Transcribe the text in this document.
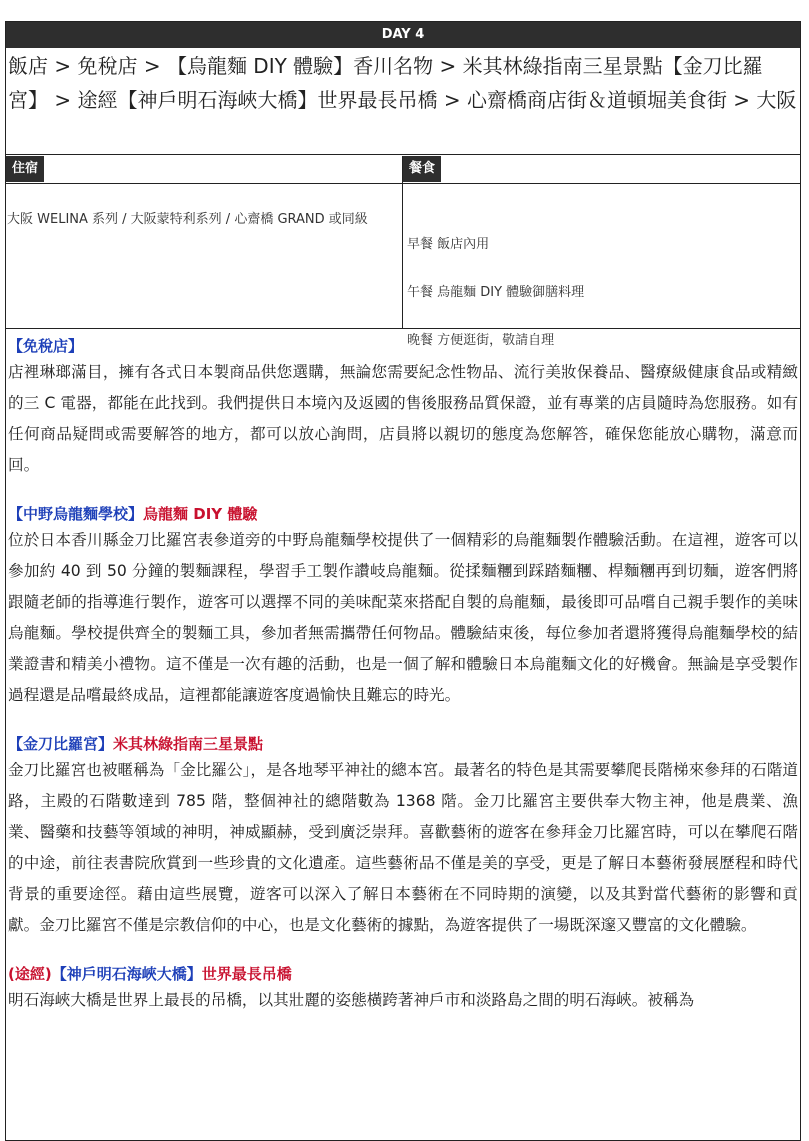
DAY 4
飯店 > 免稅店 > 【烏龍麵 DIY 體驗】香川名物 > 米其林綠指南三星景點【金刀比羅宮】 > 途經【神戶明石海峽大橋】世界最長吊橋 > 心齋橋商店街＆道頓堀美食街 > 大阪
住宿
大阪 WELINA 系列 / 大阪蒙特利系列 / 心齋橋 GRAND 或同級
餐食
早餐 飯店內用
午餐 烏龍麵 DIY 體驗御膳料理
晚餐 方便逛街，敬請自理

【免稅店】

店裡琳瑯滿目，擁有各式日本製商品供您選購，無論您需要紀念性物品、流行美妝保養品、醫療級健康食品或精緻的三 C 電器，都能在此找到。我們提供日本境內及返國的售後服務品質保證，並有專業的店員隨時為您服務。如有任何商品疑問或需要解答的地方，都可以放心詢問，店員將以親切的態度為您解答，確保您能放心購物，滿意而回。

【中野烏龍麵學校】烏龍麵 DIY 體驗

位於日本香川縣金刀比羅宮表參道旁的中野烏龍麵學校提供了一個精彩的烏龍麵製作體驗活動。在這裡，遊客可以參加約 40 到 50 分鐘的製麵課程，學習手工製作讚岐烏龍麵。從揉麵糰到踩踏麵糰、桿麵糰再到切麵，遊客們將跟隨老師的指導進行製作，遊客可以選擇不同的美味配菜來搭配自製的烏龍麵，最後即可品嚐自己親手製作的美味烏龍麵。學校提供齊全的製麵工具，參加者無需攜帶任何物品。體驗結束後，每位參加者還將獲得烏龍麵學校的結業證書和精美小禮物。這不僅是一次有趣的活動，也是一個了解和體驗日本烏龍麵文化的好機會。無論是享受製作過程還是品嚐最終成品，這裡都能讓遊客度過愉快且難忘的時光。

【金刀比羅宮】米其林綠指南三星景點

金刀比羅宮也被暱稱為「金比羅公」，是各地琴平神社的總本宮。最著名的特色是其需要攀爬長階梯來參拜的石階道路，主殿的石階數達到 785 階，整個神社的總階數為 1368 階。金刀比羅宮主要供奉大物主神，他是農業、漁業、醫藥和技藝等領域的神明，神威顯赫，受到廣泛崇拜。喜歡藝術的遊客在參拜金刀比羅宮時，可以在攀爬石階的中途，前往表書院欣賞到一些珍貴的文化遺產。這些藝術品不僅是美的享受，更是了解日本藝術發展歷程和時代背景的重要途徑。藉由這些展覽，遊客可以深入了解日本藝術在不同時期的演變，以及其對當代藝術的影響和貢獻。金刀比羅宮不僅是宗教信仰的中心，也是文化藝術的據點，為遊客提供了一場既深邃又豐富的文化體驗。

(途經)【神戶明石海峽大橋】世界最長吊橋

明石海峽大橋是世界上最長的吊橋，以其壯麗的姿態橫跨著神戶市和淡路島之間的明石海峽。被稱為
